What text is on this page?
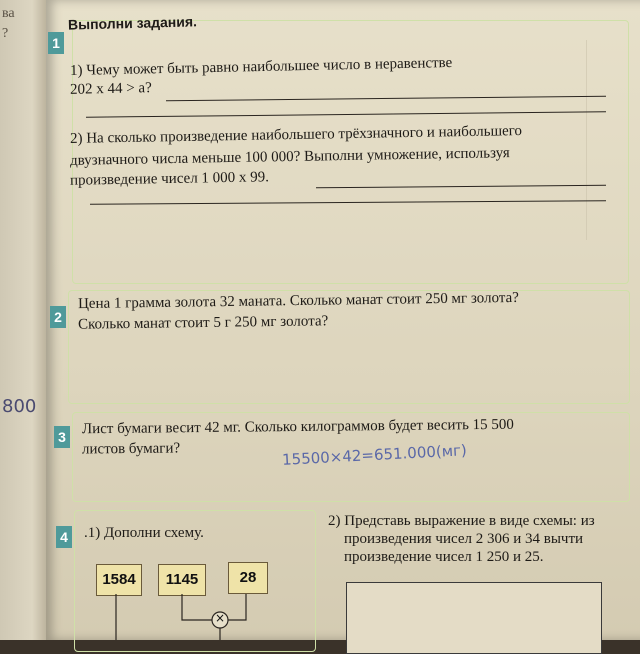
ва
?
800
1
Выполни задания.
1) Чему может быть равно наибольшее число в неравенстве
202 x 44 > a?
2) На сколько произведение наибольшего трёхзначного и наибольшего
двузначного числа меньше 100 000? Выполни умножение, используя
произведение чисел 1 000 x 99.
2
Цена 1 грамма золота 32 маната. Сколько манат стоит 250 мг золота?
Сколько манат стоит 5 г 250 мг золота?
3 Лист бумаги весит 42 мг. Сколько килограммов будет весить 15 500
листов бумаги?	15500×42=651.000(мг)
4 .1) Дополни схему.
2) Представь выражение в виде схемы: из
произведения чисел 2 306 и 34 вычти
произведение чисел 1 250 и 25.
1584	1145	28
×
